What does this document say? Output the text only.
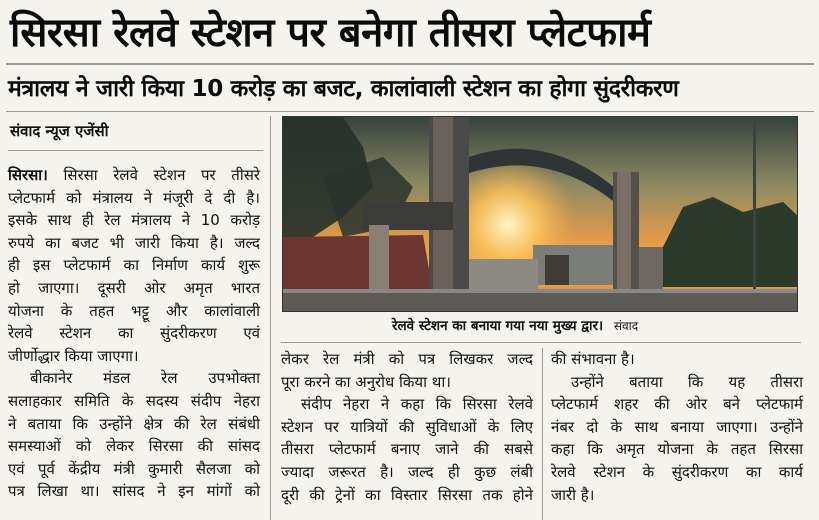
सिरसा रेलवे स्टेशन पर बनेगा तीसरा प्लेटफार्म
मंत्रालय ने जारी किया 10 करोड़ का बजट, कालांवाली स्टेशन का होगा सुंदरीकरण
संवाद न्यूज एजेंसी
रेलवे स्टेशन का बनाया गया नया मुख्य द्वार। संवाद

सिरसा। सिरसा रेलवे स्टेशन पर तीसरे

प्लेटफार्म को मंत्रालय ने मंजूरी दे दी है।

इसके साथ ही रेल मंत्रालय ने 10 करोड़

रुपये का बजट भी जारी किया है। जल्द

ही इस प्लेटफार्म का निर्माण कार्य शुरू

हो जाएगा। दूसरी ओर अमृत भारत

योजना के तहत भट्टू और कालांवाली

रेलवे स्टेशन का सुंदरीकरण एवं

जीर्णोद्धार किया जाएगा।

बीकानेर मंडल रेल उपभोक्ता

सलाहकार समिति के सदस्य संदीप नेहरा

ने बताया कि उन्होंने क्षेत्र की रेल संबंधी

समस्याओं को लेकर सिरसा की सांसद

एवं पूर्व केंद्रीय मंत्री कुमारी सैलजा को

पत्र लिखा था। सांसद ने इन मांगों को

लेकर रेल मंत्री को पत्र लिखकर जल्द

पूरा करने का अनुरोध किया था।

संदीप नेहरा ने कहा कि सिरसा रेलवे

स्टेशन पर यात्रियों की सुविधाओं के लिए

तीसरा प्लेटफार्म बनाए जाने की सबसे

ज्यादा जरूरत है। जल्द ही कुछ लंबी

दूरी की ट्रेनों का विस्तार सिरसा तक होने

की संभावना है।

उन्होंने बताया कि यह तीसरा

प्लेटफार्म शहर की ओर बने प्लेटफार्म

नंबर दो के साथ बनाया जाएगा। उन्होंने

कहा कि अमृत योजना के तहत सिरसा

रेलवे स्टेशन के सुंदरीकरण का कार्य

जारी है।
